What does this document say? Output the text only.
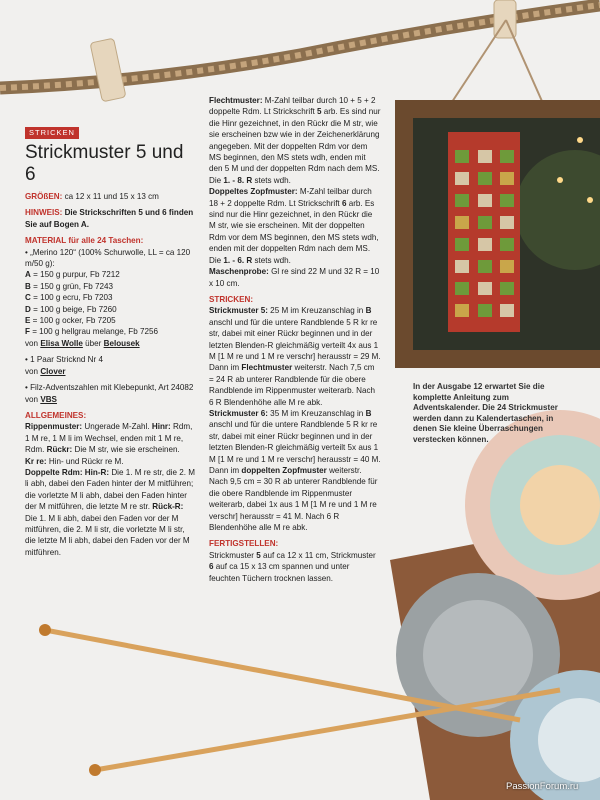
STRICKEN
Strickmuster 5 und 6

GRÖßEN: ca 12 x 11 und 15 x 13 cm

HINWEIS: Die Strickschriften 5 und 6 finden Sie auf Bogen A.

MATERIAL für alle 24 Taschen:

• „Merino 120“ (100% Schurwolle, LL = ca 120 m/50 g):

A = 150 g purpur, Fb 7212

B = 150 g grün, Fb 7243

C = 100 g ecru, Fb 7203

D = 100 g beige, Fb 7260

E = 100 g ocker, Fb 7205

F = 100 g hellgrau melange, Fb 7256

von Elisa Wolle über Belousek

• 1 Paar Stricknd Nr 4

von Clover

• Filz-Adventszahlen mit Klebepunkt, Art 24082

von VBS

ALLGEMEINES:

Rippenmuster: Ungerade M-Zahl. Hinr: Rdm, 1 M re, 1 M li im Wechsel, enden mit 1 M re, Rdm. Rückr: Die M str, wie sie erscheinen.

Kr re: Hin- und Rückr re M.

Doppelte Rdm: Hin-R: Die 1. M re str, die 2. M li abh, dabei den Faden hinter der M mitführen; die vorletzte M li abh, dabei den Faden hinter der M mitführen, die letzte M re str. Rück-R: Die 1. M li abh, dabei den Faden vor der M mitführen, die 2. M li str, die vorletzte M li str, die letzte M li abh, dabei den Faden vor der M mitführen.

Flechtmuster: M-Zahl teilbar durch 10 + 5 + 2 doppelte Rdm. Lt Strickschrift 5 arb. Es sind nur die Hinr gezeichnet, in den Rückr die M str, wie sie erscheinen bzw wie in der Zeichenerklärung angegeben. Mit der doppelten Rdm vor dem MS beginnen, den MS stets wdh, enden mit den 5 M und der doppelten Rdm nach dem MS. Die 1. - 8. R stets wdh.

Doppeltes Zopfmuster: M-Zahl teilbar durch 18 + 2 doppelte Rdm. Lt Strickschrift 6 arb. Es sind nur die Hinr gezeichnet, in den Rückr die M str, wie sie erscheinen. Mit der doppelten Rdm vor dem MS beginnen, den MS stets wdh, enden mit der doppelten Rdm nach dem MS. Die 1. - 6. R stets wdh.

Maschenprobe: Gl re sind 22 M und 32 R = 10 x 10 cm.

STRICKEN:

Strickmuster 5: 25 M im Kreuzanschlag in B anschl und für die untere Randblende 5 R kr re str, dabei mit einer Rückr beginnen und in der letzten Blenden-R gleichmäßig verteilt 4x aus 1 M [1 M re und 1 M re verschr] herausstr = 29 M. Dann im Flechtmuster weiterstr. Nach 7,5 cm = 24 R ab unterer Randblende für die obere Randblende im Rippenmuster weiterarb. Nach 6 R Blendenhöhe alle M re abk.

Strickmuster 6: 35 M im Kreuzanschlag in B anschl und für die untere Randblende 5 R kr re str, dabei mit einer Rückr beginnen und in der letzten Blenden-R gleichmäßig verteilt 5x aus 1 M [1 M re und 1 M re verschr] herausstr = 40 M. Dann im doppelten Zopfmuster weiterstr. Nach 9,5 cm = 30 R ab unterer Randblende für die obere Randblende im Rippenmuster weiterarb, dabei 1x aus 1 M [1 M re und 1 M re verschr] herausstr = 41 M. Nach 6 R Blendenhöhe alle M re abk.

FERTIGSTELLEN:

Strickmuster 5 auf ca 12 x 11 cm, Strickmuster 6 auf ca 15 x 13 cm spannen und unter feuchten Tüchern trocknen lassen.

In der Ausgabe 12 erwartet Sie die komplette Anleitung zum Adventskalender. Die 24 Strickmuster werden dann zu Kalendertaschen, in denen Sie kleine Überraschungen verstecken können.
PassionForum.ru
